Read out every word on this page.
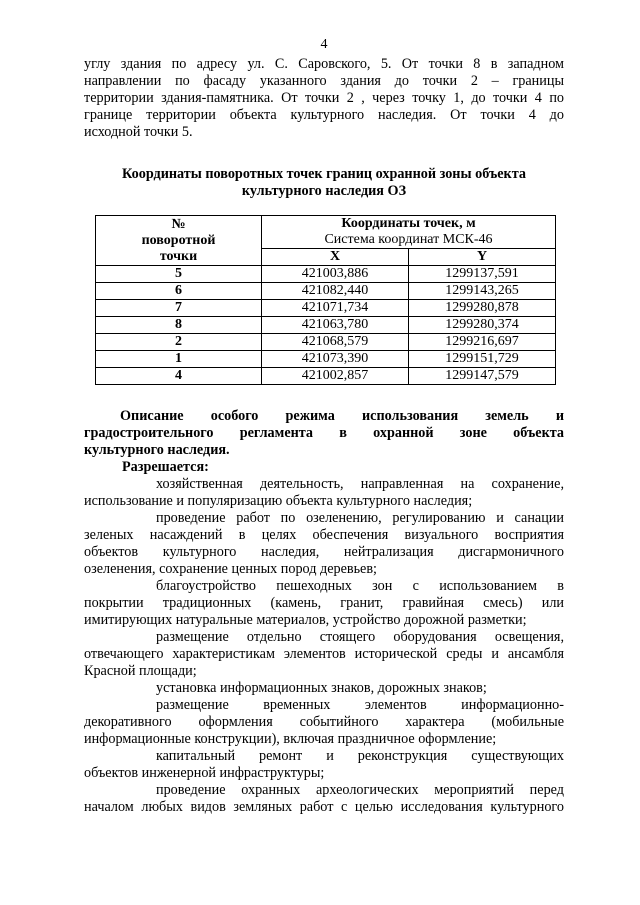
4

углу здания по адресу ул. С. Саровского, 5. От точки 8 в западном

направлении по фасаду указанного здания до точки 2 – границы

территории здания-памятника. От точки 2 , через точку 1, до точки 4 по

границе территории объекта культурного наследия. От точки 4 до

исходной точки 5.

Координаты поворотных точек границ охранной зоны объекта
культурного наследия ОЗ
№
поворотной
точки	Координаты точек, м	
	Система координат МСК-46	
	X	Y
5	421003,886	1299137,591
6	421082,440	1299143,265
7	421071,734	1299280,878
8	421063,780	1299280,374
2	421068,579	1299216,697
1	421073,390	1299151,729
4	421002,857	1299147,579

Описание особого режима использования земель и

градостроительного регламента в охранной зоне объекта

культурного наследия.

Разрешается:

хозяйственная деятельность, направленная на сохранение,

использование и популяризацию объекта культурного наследия;

проведение работ по озеленению, регулированию и санации

зеленых насаждений в целях обеспечения визуального восприятия

объектов культурного наследия, нейтрализация дисгармоничного

озеленения, сохранение ценных пород деревьев;

благоустройство пешеходных зон с использованием в

покрытии традиционных (камень, гранит, гравийная смесь) или

имитирующих натуральные материалов, устройство дорожной разметки;

размещение отдельно стоящего оборудования освещения,

отвечающего характеристикам элементов исторической среды и ансамбля

Красной площади;

установка информационных знаков, дорожных знаков;

размещение временных элементов информационно-

декоративного оформления событийного характера (мобильные

информационные конструкции), включая праздничное оформление;

капитальный ремонт и реконструкция существующих

объектов инженерной инфраструктуры;

проведение охранных археологических мероприятий перед

началом любых видов земляных работ с целью исследования культурного
